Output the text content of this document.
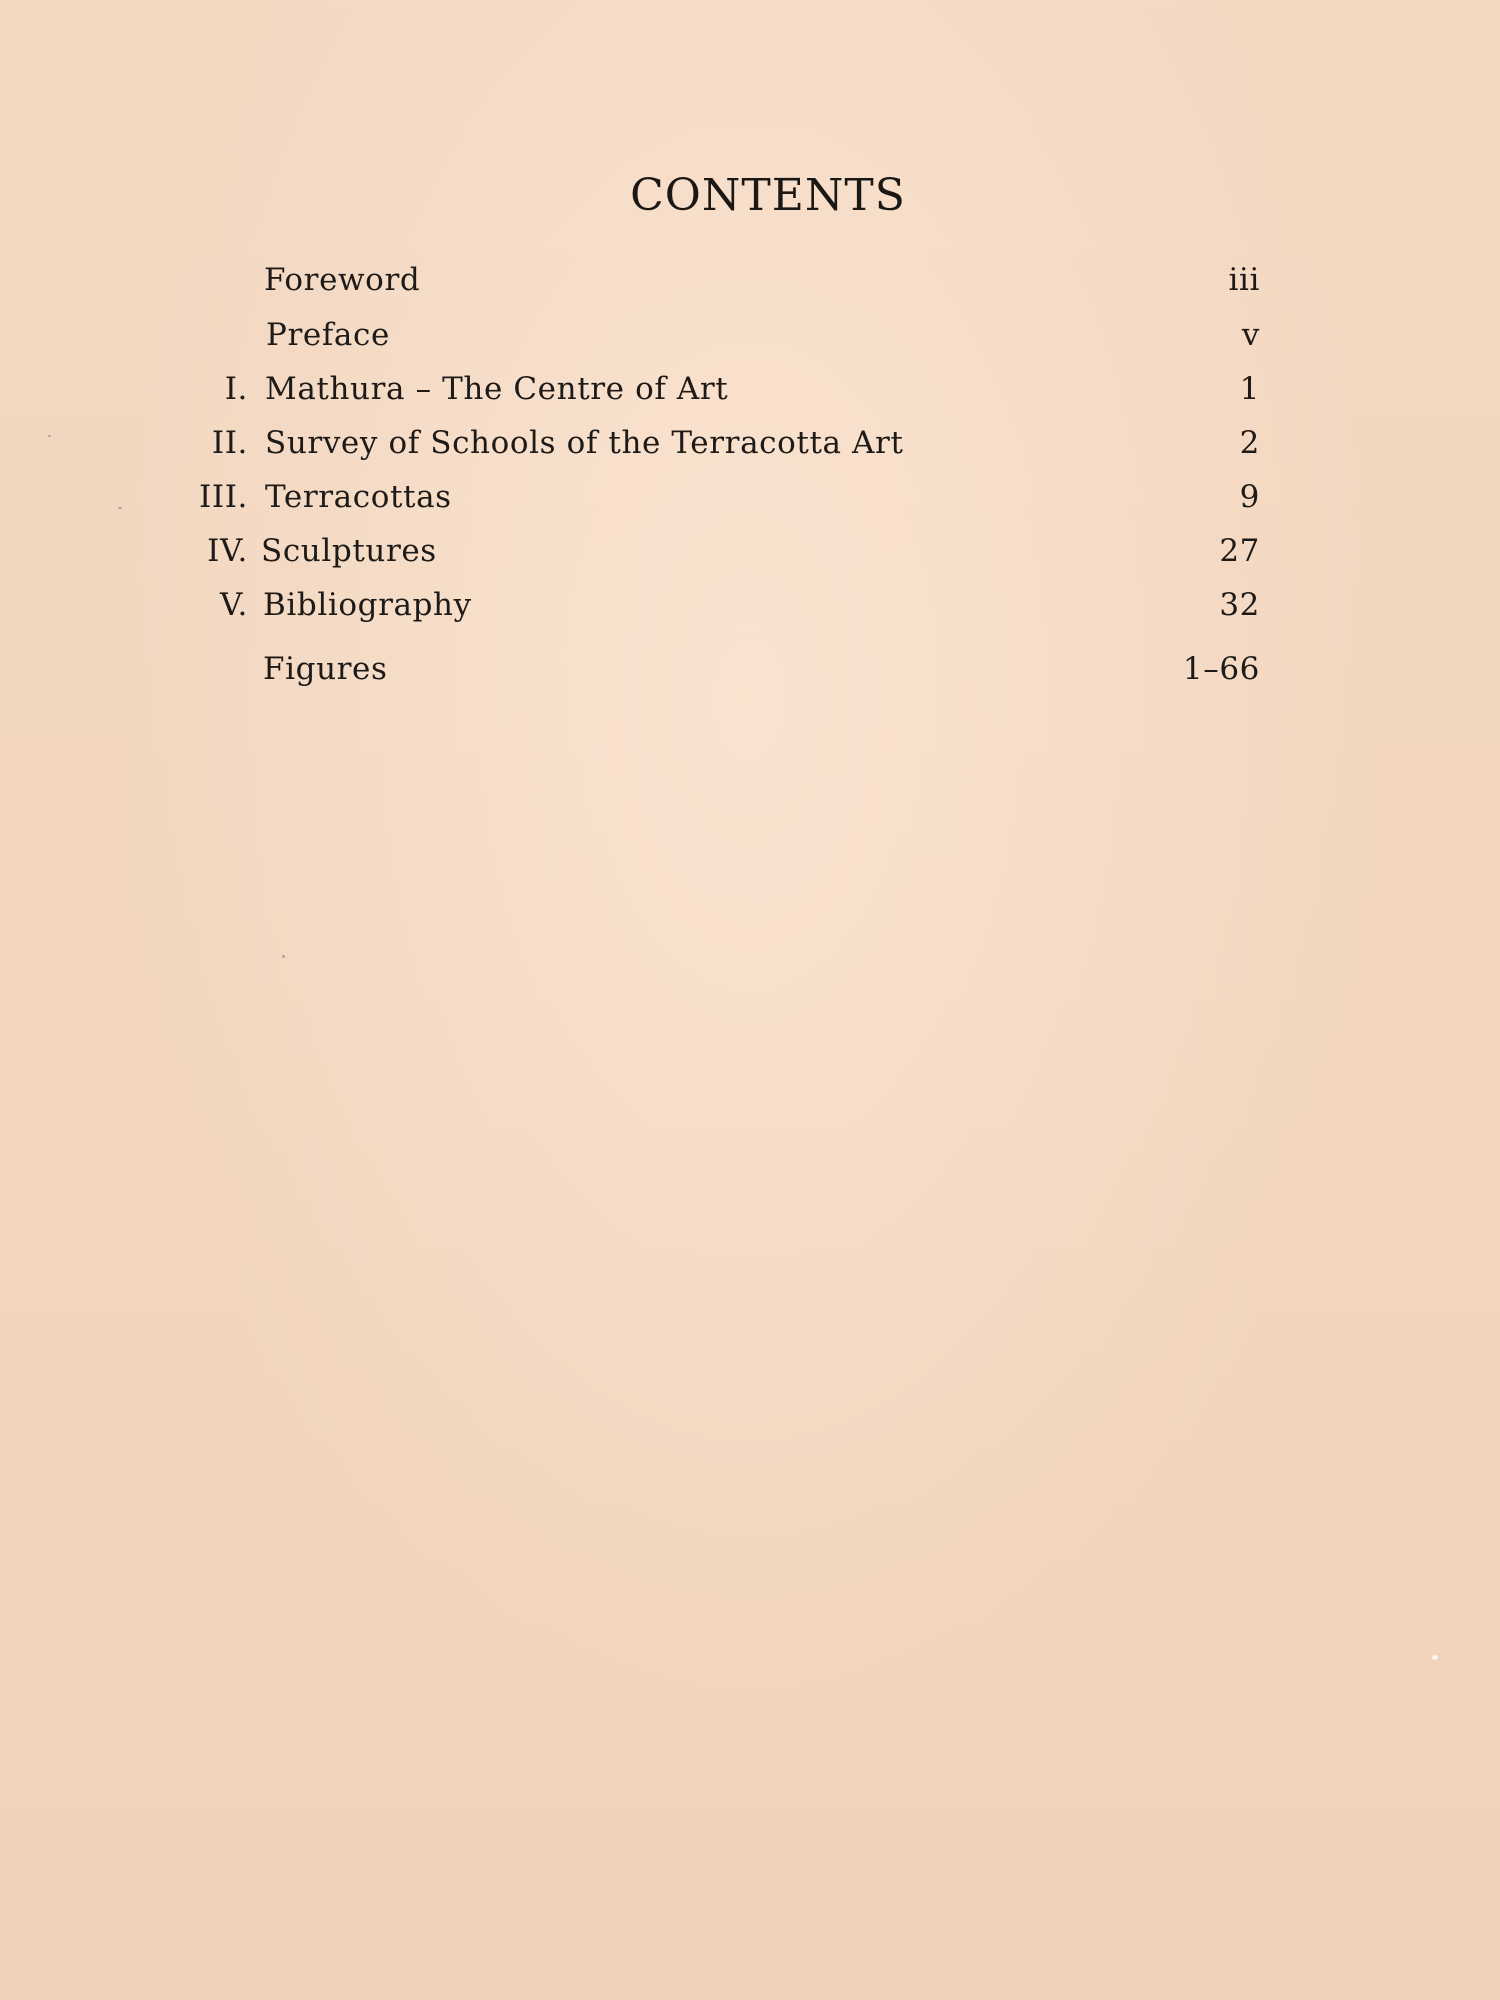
CONTENTS
Foreword	iii
Preface	v
I. Mathura – The Centre of Art	1
II. Survey of Schools of the Terracotta Art	2
III. Terracottas	9
IV. Sculptures	27
V. Bibliography	32
Figures	1–66
